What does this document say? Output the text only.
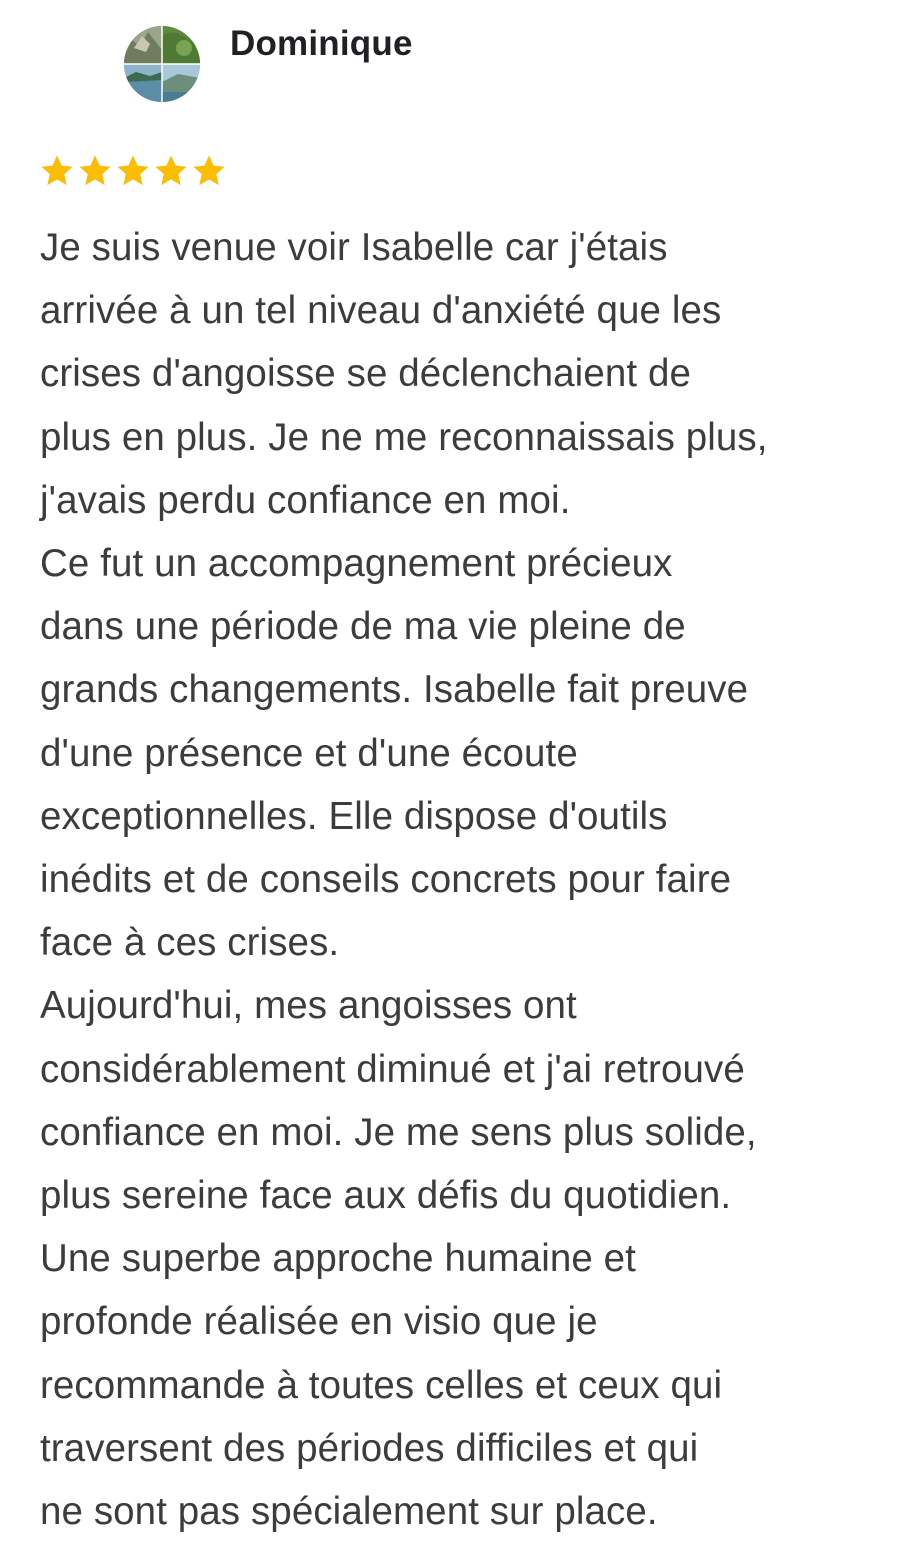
Dominique
Je suis venue voir Isabelle car j'étais
arrivée à un tel niveau d'anxiété que les
crises d'angoisse se déclenchaient de
plus en plus. Je ne me reconnaissais plus,
j'avais perdu confiance en moi.
Ce fut un accompagnement précieux
dans une période de ma vie pleine de
grands changements. Isabelle fait preuve
d'une présence et d'une écoute
exceptionnelles. Elle dispose d'outils
inédits et de conseils concrets pour faire
face à ces crises.
Aujourd'hui, mes angoisses ont
considérablement diminué et j'ai retrouvé
confiance en moi. Je me sens plus solide,
plus sereine face aux défis du quotidien.
Une superbe approche humaine et
profonde réalisée en visio que je
recommande à toutes celles et ceux qui
traversent des périodes difficiles et qui
ne sont pas spécialement sur place.
